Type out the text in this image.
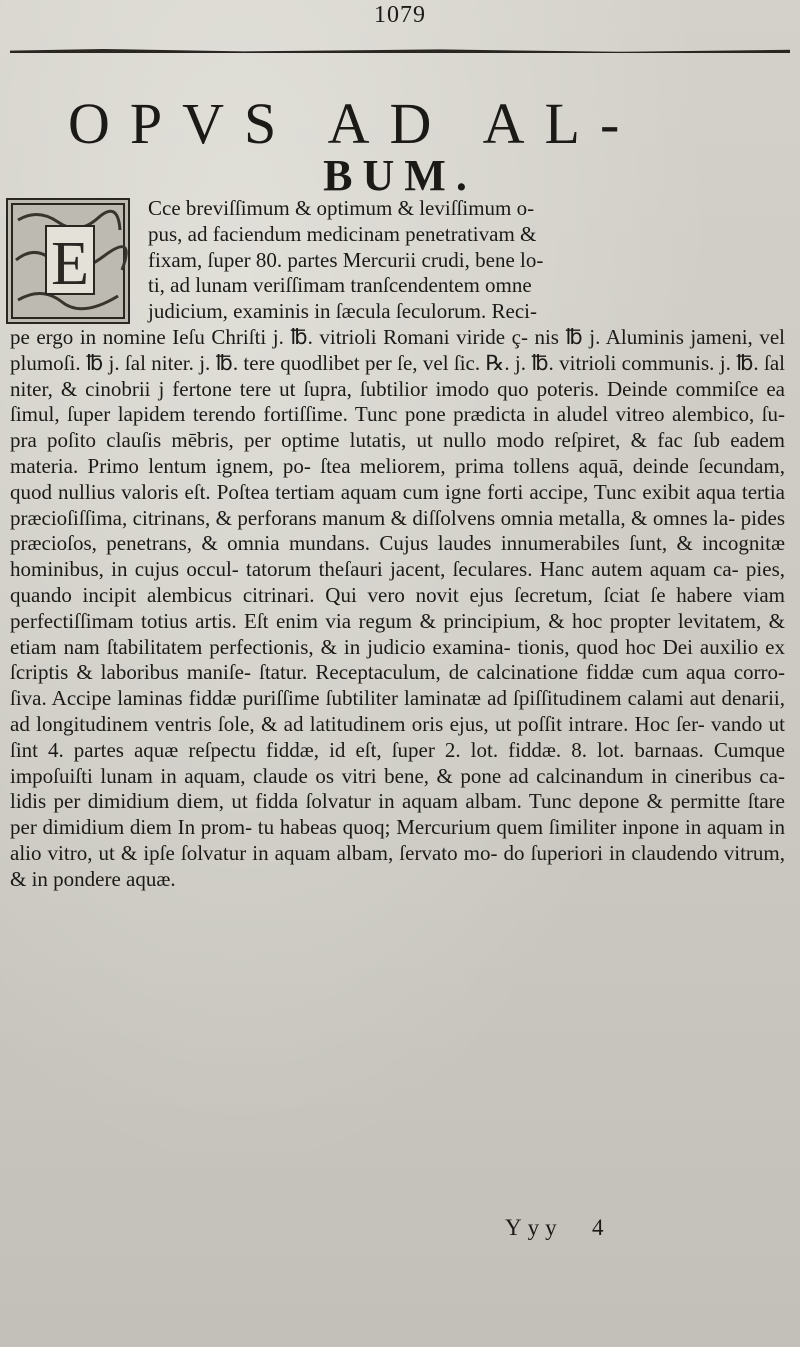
1079
OPVS AD AL-
BUM.
E

Cce breviſſimum & optimum & leviſſimum o-

pus, ad faciendum medicinam penetrativam &

fixam, ſuper 80. partes Mercurii crudi, bene lo-

ti, ad lunam veriſſimam tranſcendentem omne

judicium, examinis in ſæcula ſeculorum. Reci-

pe ergo in nomine Ieſu Chriſti j. ℔. vitrioli Romani viride ç- nis ℔ j. Aluminis jameni, vel plumoſi. ℔ j. ſal niter. j. ℔. tere quodlibet per ſe, vel ſic. ℞. j. ℔. vitrioli communis. j. ℔. ſal niter, & cinobrii j fertone tere ut ſupra, ſubtilior imodo quo poteris. Deinde commiſce ea ſimul, ſuper lapidem terendo fortiſſime. Tunc pone prædicta in aludel vitreo alembico, ſu- pra poſito clauſis mēbris, per optime lutatis, ut nullo modo reſpiret, & fac ſub eadem materia. Primo lentum ignem, po- ſtea meliorem, prima tollens aquā, deinde ſecundam, quod nullius valoris eſt. Poſtea tertiam aquam cum igne forti accipe, Tunc exibit aqua tertia præcioſiſſima, citrinans, & perforans manum & diſſolvens omnia metalla, & omnes la- pides præcioſos, penetrans, & omnia mundans. Cujus laudes innumerabiles ſunt, & incognitæ hominibus, in cujus occul- tatorum theſauri jacent, ſeculares. Hanc autem aquam ca- pies, quando incipit alembicus citrinari. Qui vero novit ejus ſecretum, ſciat ſe habere viam perfectiſſimam totius artis. Eſt enim via regum & principium, & hoc propter levitatem, & etiam nam ſtabilitatem perfectionis, & in judicio examina- tionis, quod hoc Dei auxilio ex ſcriptis & laboribus maniſe- ſtatur. Receptaculum, de calcinatione fiddæ cum aqua corro- ſiva. Accipe laminas fiddæ puriſſime ſubtiliter laminatæ ad ſpiſſitudinem calami aut denarii, ad longitudinem ventris ſole, & ad latitudinem oris ejus, ut poſſit intrare. Hoc ſer- vando ut ſint 4. partes aquæ reſpectu fiddæ, id eſt, ſuper 2. lot. fiddæ. 8. lot. barnaas. Cumque impoſuiſti lunam in aquam, claude os vitri bene, & pone ad calcinandum in cineribus ca- lidis per dimidium diem, ut fidda ſolvatur in aquam albam. Tunc depone & permitte ſtare per dimidium diem In prom- tu habeas quoq; Mercurium quem ſimiliter inpone in aquam in alio vitro, ut & ipſe ſolvatur in aquam albam, ſervato mo- do ſuperiori in claudendo vitrum, & in pondere aquæ.

Yyy 4
